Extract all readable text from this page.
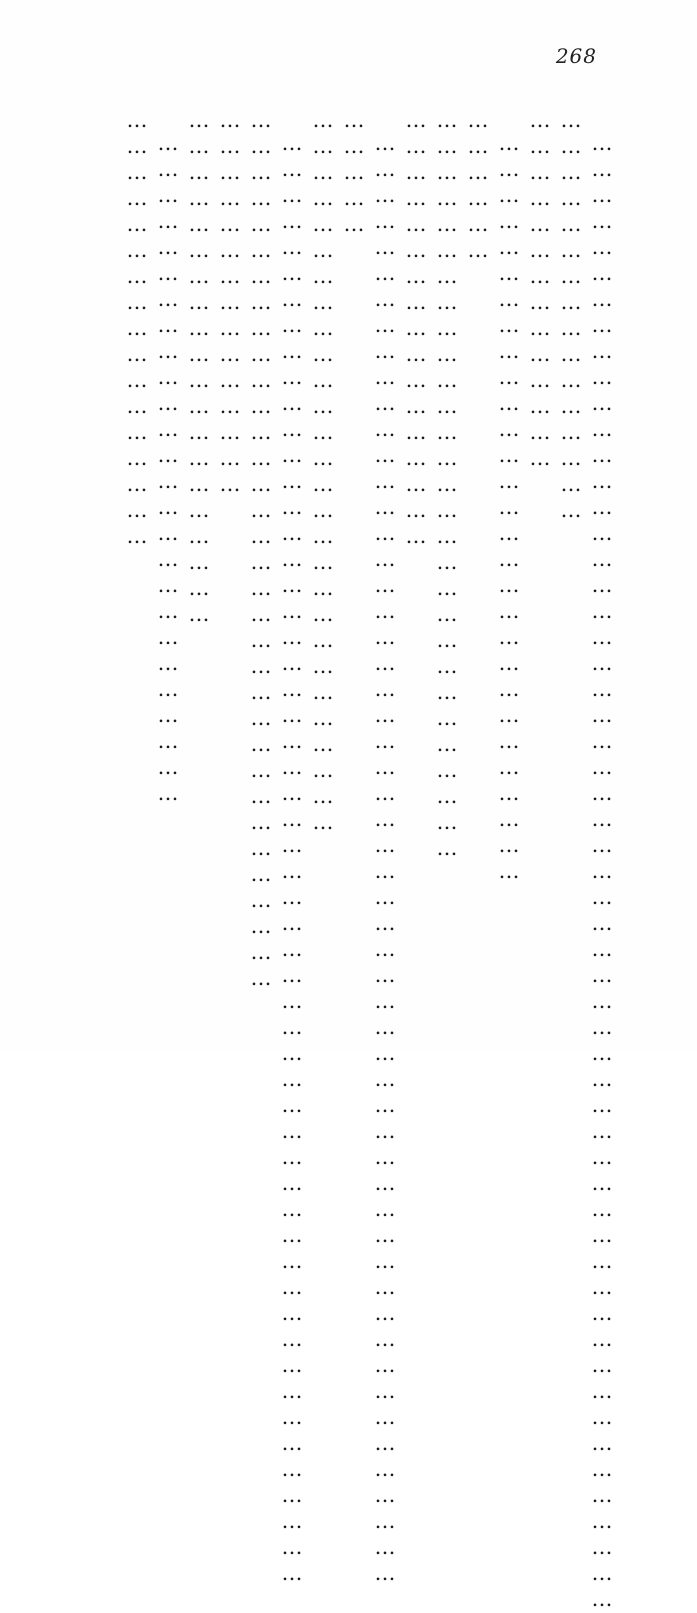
268

………………………………………………………………………………………………………………………………………………………

…………………………………………

……………………………………

……………………………………………………………………………

………………

……………………………………………………………………………

……………………………………………

……………………………………………………………………………………………………………………………………………………

……………

…………………………………………………………………………

……………………………………………………………………………………………………………………………………………………

…………………………………………………………………………………………

………………………………………

……………………………………………………

……………………………………………………………………

……………………………………………
